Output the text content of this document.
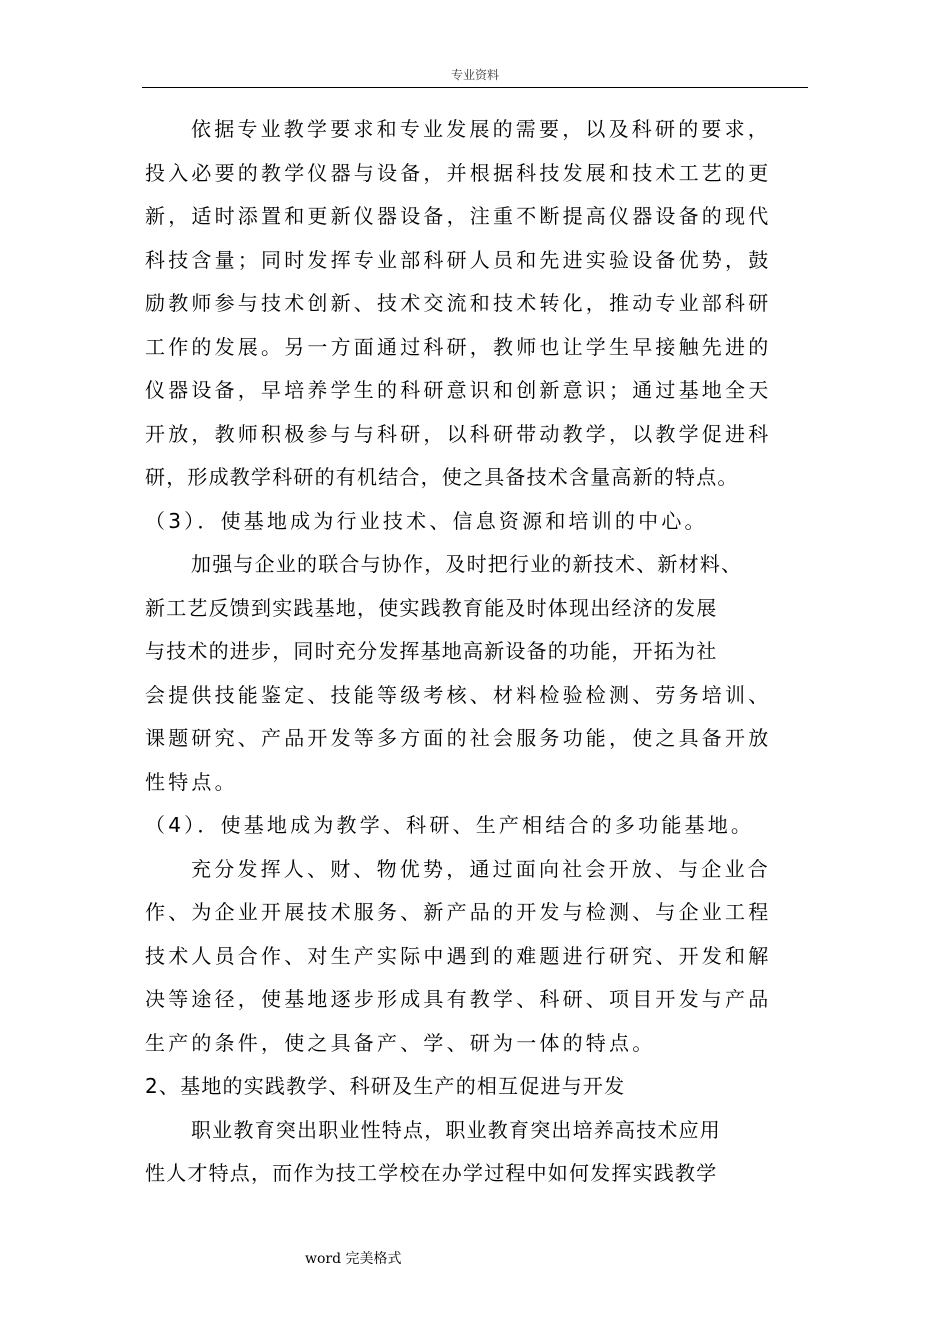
专业资料
依据专业教学要求和专业发展的需要，以及科研的要求，
投入必要的教学仪器与设备，并根据科技发展和技术工艺的更
新，适时添置和更新仪器设备，注重不断提高仪器设备的现代
科技含量；同时发挥专业部科研人员和先进实验设备优势，鼓
励教师参与技术创新、技术交流和技术转化，推动专业部科研
工作的发展。另一方面通过科研，教师也让学生早接触先进的
仪器设备，早培养学生的科研意识和创新意识；通过基地全天
开放，教师积极参与与科研，以科研带动教学，以教学促进科
研，形成教学科研的有机结合，使之具备技术含量高新的特点。
（3）．使基地成为行业技术、信息资源和培训的中心。
加强与企业的联合与协作，及时把行业的新技术、新材料、
新工艺反馈到实践基地，使实践教育能及时体现出经济的发展
与技术的进步，同时充分发挥基地高新设备的功能，开拓为社
会提供技能鉴定、技能等级考核、材料检验检测、劳务培训、
课题研究、产品开发等多方面的社会服务功能，使之具备开放
性特点。
（4）．使基地成为教学、科研、生产相结合的多功能基地。
充分发挥人、财、物优势，通过面向社会开放、与企业合
作、为企业开展技术服务、新产品的开发与检测、与企业工程
技术人员合作、对生产实际中遇到的难题进行研究、开发和解
决等途径，使基地逐步形成具有教学、科研、项目开发与产品
生产的条件，使之具备产、学、研为一体的特点。
2、基地的实践教学、科研及生产的相互促进与开发
职业教育突出职业性特点，职业教育突出培养高技术应用
性人才特点，而作为技工学校在办学过程中如何发挥实践教学
word 完美格式
